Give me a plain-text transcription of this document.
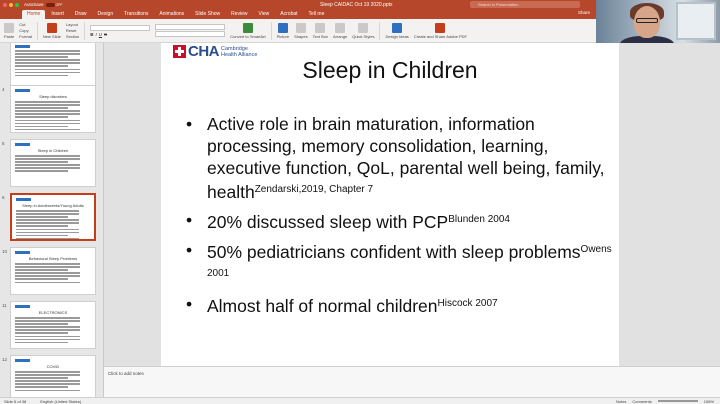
AutoSave	OFF	Sleep CAIDAC Oct 19 2020.pptx	Search in Presentation
Home	Insert	Draw	Design	Transitions	Animations	Slide Show	Review	View	Acrobat	Tell me	Share
Paste
Cut
Copy
Format	New Slide
Layout
Reset
Section B I U S	Convert to SmartArt	Picture Shapes Text Box Arrange Quick Styles	Design Ideas Create and Share Adobe PDF
4
Sleep disorders
5
Sleep in Children
6
Sleep in Adolescents/Young Adults
10
Behavioral Sleep Problems
11
ELECTRONICS
12
COVID
CHA Cambridge
Health Alliance
Sleep in Children
• Active role in brain maturation, information processing, memory consolidation, learning, executive function, QoL, parental well being, family, health$^{Zendarski,2019, Chapter 7}$
• 20% discussed sleep with $PCP^{Blunden 2004}$
• 50% pediatricians confident with sleep problems$^{Owens 2001}$
• Almost half of normal children$^{Hiscock 2007}$
Click to add notes
Slide 6 of 38	English (United States)	Notes Comments	108%
